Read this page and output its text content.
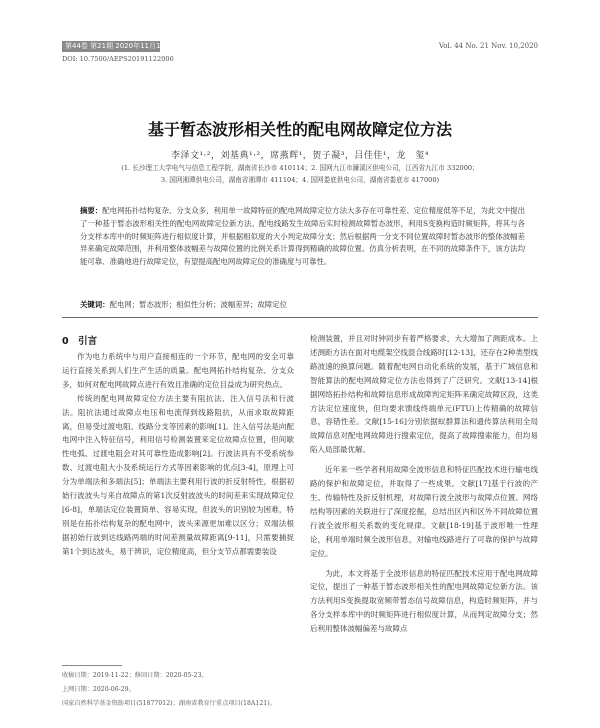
第44卷 第21期 2020年11月10日	Vol. 44 No. 21 Nov. 10,2020
DOI: 10.7500/AEPS20191122006
基于暂态波形相关性的配电网故障定位方法
李泽文¹·²，刘基典¹·²，席燕辉¹，贺子凝³，吕佳佳¹，龙　玺⁴
(1. 长沙理工大学电气与信息工程学院，湖南省长沙市 410114；2. 国网九江市濂溪区供电公司，江西省九江市 332000；
3. 国网湘潭供电公司，湖南省湘潭市 411104；4. 国网娄底供电公司，湖南省娄底市 417000)
摘要：配电网拓扑结构复杂、分支众多，利用单一故障特征的配电网故障定位方法大多存在可靠性差、定位精度低等不足，为此文中提出了一种基于暂态波形相关性的配电网故障定位新方法。配电线路发生故障后实时检测故障暂态波形，利用S变换构造时频矩阵，将其与各分支样本库中的时频矩阵进行相似度计算，并根据相似度的大小判定故障分支；然后根据两一分支不同位置故障时暂态波形的整体波幅差异来确定故障范围，并利用整体波幅差与故障位置的比例关系计算得到精确的故障位置。仿真分析表明，在不同的故障条件下，该方法均能可靠、准确地进行故障定位，有望提高配电网故障定位的准确度与可靠性。
关键词：配电网；暂态波形；相似性分析；波幅差异；故障定位
0　引言

作为电力系统中与用户直接相连的一个环节，配电网的安全可靠运行直接关系到人们生产生活的质量。配电网拓扑结构复杂、分支众多，如何对配电网故障点进行有效且准确的定位目益成为研究热点。

传统的配电网故障定位方法主要有阻抗法、注入信号法和行波法。阻抗法通过故障点电压和电流得到线路阻抗，从而求取故障距离，但易受过渡电阻、线路分支等因素的影响[1]。注入信号法是向配电网中注入特征信号，利用信号检测装置来定位故障点位置，但间歇性电弧、过渡电阻会对其可靠性造成影响[2]。行波法具有不受系统参数、过渡电阻大小及系统运行方式等因素影响的优点[3-4]，原理上可分为单端法和多端法[5]；单端法主要利用行波的折反射特性，根据初始行波波头与来自故障点的第1次反射波波头的时间差来实现故障定位[6-8]，单端法定位装置简单、容易实现，但波头的识别较为困难，特别是在拓扑结构复杂的配电网中，波头来源更加难以区分；双端法根据初始行波到达线路两端的时间差测量故障距离[9-11]，只需要捕捉第1个到达波头，易于辨识，定位精度高，但分支节点都需要装设

检测装置，并且对时钟同步有着严格要求，大大增加了测距成本。上述测距方法在面对电缆架空线混合线路时[12-13]，还存在2种类型线路波速的换算问题。随着配电网自动化系统的发展，基于广域信息和智能算法的配电网故障定位方法也得到了广泛研究。文献[13-14]根据网络拓扑结构和故障信息形成故障判定矩阵来确定故障区段，这类方法定位速度快，但均要求馈线终端单元(FTU)上传精确的故障信息，容错性差。文献[15-16]分别依据蚁群算法和遗传算法利用全局故障信息对配电网故障进行搜索定位，提高了故障搜索能力，但均易陷入局部最优解。

近年来一些学者利用故障全波形信息和特征匹配技术进行输电线路的保护和故障定位，并取得了一些成果。文献[17]基于行波的产生、传输特性及折反射机理，对故障行波全波形与故障点位置、网络结构等因素的关联进行了深度挖掘，总结出区内和区外不同故障位置行波全波形相关系数的变化规律。文献[18-19]基于波形唯一性理论，利用单端时频全波形信息，对输电线路进行了可靠的保护与故障定位。

为此，本文将基于全波形信息的特征匹配技术应用于配电网故障定位，提出了一种基于暂态波形相关性的配电网故障定位新方法。该方法利用S变换提取宽频带暂态信号故障信息，构造时频矩阵，并与各分支样本库中的时频矩阵进行相似度计算，从而判定故障分支；然后利用整体波幅偏差与故障点

收稿日期：2019-11-22；修回日期：2020-05-23。
上网日期：2020-06-29。
国家自然科学基金资助项目(51877012)；湖南省教育厅重点项目(18A121)。
